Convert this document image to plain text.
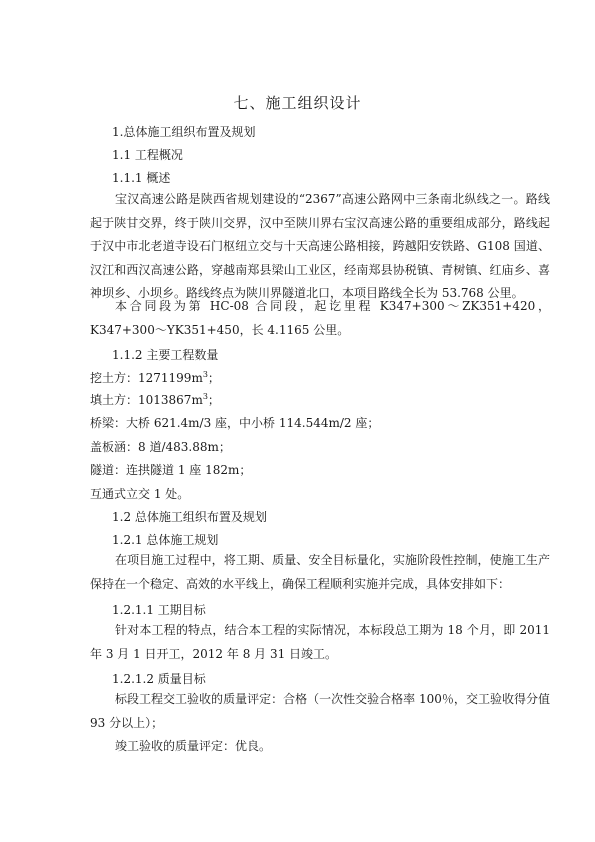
七、施工组织设计
1.总体施工组织布置及规划
1.1 工程概况
1.1.1 概述

宝汉高速公路是陕西省规划建设的“2367”高速公路网中三条南北纵线之一。路线起于陕甘交界，终于陕川交界，汉中至陕川界右宝汉高速公路的重要组成部分，路线起于汉中市北老道寺设石门枢纽立交与十天高速公路相接，跨越阳安铁路、G108 国道、汉江和西汉高速公路，穿越南郑县梁山工业区，经南郑县协税镇、青树镇、红庙乡、喜神坝乡、小坝乡。路线终点为陕川界隧道北口，本项目路线全长为 53.768 公里。

本合同段为第 HC-08 合同段，起讫里程 K347+300～ZK351+420，K347+300～YK351+450，长 4.1165 公里。

1.1.2 主要工程数量
挖土方：$1271199m^3$；
填土方：$1013867m^3$；
桥梁：大桥 621.4m/3 座，中小桥 114.544m/2 座；
盖板涵：8 道/483.88m；
隧道：连拱隧道 1 座 182m；
互通式立交 1 处。
1.2 总体施工组织布置及规划
1.2.1 总体施工规划

在项目施工过程中，将工期、质量、安全目标量化，实施阶段性控制，使施工生产保持在一个稳定、高效的水平线上，确保工程顺利实施并完成，具体安排如下：

1.2.1.1 工期目标

针对本工程的特点，结合本工程的实际情况，本标段总工期为 18 个月，即 2011 年 3 月 1 日开工，2012 年 8 月 31 日竣工。

1.2.1.2 质量目标

标段工程交工验收的质量评定：合格（一次性交验合格率 100％，交工验收得分值 93 分以上）；

竣工验收的质量评定：优良。
